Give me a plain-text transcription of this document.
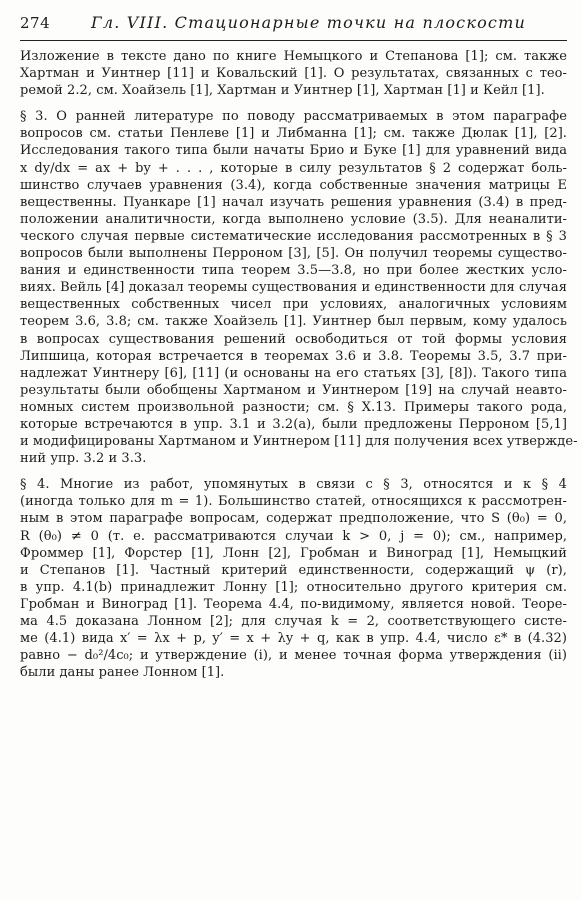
274	Гл. VIII. Стационарные точки на плоскости
Изложение в тексте дано по книге Немыцкого и Степанова [1]; см. также
Хартман и Уинтнер [11] и Ковальский [1]. О результатах, связанных с тео-
ремой 2.2, см. Хоайзель [1], Хартман и Уинтнер [1], Хартман [1] и Кейл [1].
§ 3. О ранней литературе по поводу рассматриваемых в этом параграфе
вопросов см. статьи Пенлеве [1] и Либманна [1]; см. также Дюлак [1], [2].
Исследования такого типа были начаты Брио и Буке [1] для уравнений вида
x dy/dx = ax + by + . . . , которые в силу результатов § 2 содержат боль-
шинство случаев уравнения (3.4), когда собственные значения матрицы E
вещественны. Пуанкаре [1] начал изучать решения уравнения (3.4) в пред-
положении аналитичности, когда выполнено условие (3.5). Для неаналити-
ческого случая первые систематические исследования рассмотренных в § 3
вопросов были выполнены Перроном [3], [5]. Он получил теоремы существо-
вания и единственности типа теорем 3.5—3.8, но при более жестких усло-
виях. Вейль [4] доказал теоремы существования и единственности для случая
вещественных собственных чисел при условиях, аналогичных условиям
теорем 3.6, 3.8; см. также Хоайзель [1]. Уинтнер был первым, кому удалось
в вопросах существования решений освободиться от той формы условия
Липшица, которая встречается в теоремах 3.6 и 3.8. Теоремы 3.5, 3.7 при-
надлежат Уинтнеру [6], [11] (и основаны на его статьях [3], [8]). Такого типа
результаты были обобщены Хартманом и Уинтнером [19] на случай неавто-
номных систем произвольной разности; см. § X.13. Примеры такого рода,
которые встречаются в упр. 3.1 и 3.2(a), были предложены Перроном [5,1]
и модифицированы Хартманом и Уинтнером [11] для получения всех утвержде-
ний упр. 3.2 и 3.3.
§ 4. Многие из работ, упомянутых в связи с § 3, относятся и к § 4
(иногда только для m = 1). Большинство статей, относящихся к рассмотрен-
ным в этом параграфе вопросам, содержат предположение, что S (θ₀) = 0,
R (θ₀) ≠ 0 (т. е. рассматриваются случаи k > 0, j = 0); см., например,
Фроммер [1], Форстер [1], Лонн [2], Гробман и Виноград [1], Немыцкий
и Степанов [1]. Частный критерий единственности, содержащий ψ (r),
в упр. 4.1(b) принадлежит Лонну [1]; относительно другого критерия см.
Гробман и Виноград [1]. Теорема 4.4, по-видимому, является новой. Теоре-
ма 4.5 доказана Лонном [2]; для случая k = 2, соответствующего систе-
ме (4.1) вида x′ = λx + p, y′ = x + λy + q, как в упр. 4.4, число ε* в (4.32)
равно − d₀²/4c₀; и утверждение (i), и менее точная форма утверждения (ii)
были даны ранее Лонном [1].
